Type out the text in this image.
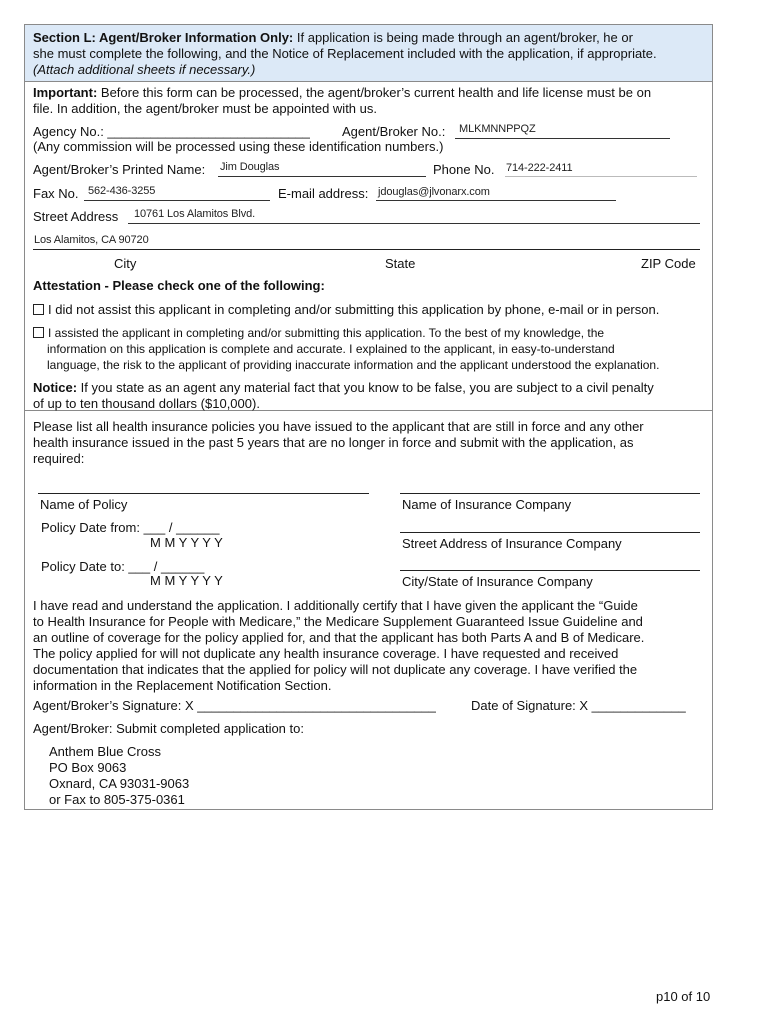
Section L: Agent/Broker Information Only: If application is being made through an agent/broker, he or
she must complete the following, and the Notice of Replacement included with the application, if appropriate.
(Attach additional sheets if necessary.)
Important: Before this form can be processed, the agent/broker’s current health and life license must be on
file. In addition, the agent/broker must be appointed with us.
Agency No.: ____________________________ Agent/Broker No.: MLKMNNPPQZ
(Any commission will be processed using these identification numbers.)
Agent/Broker’s Printed Name: Jim Douglas	Phone No. 714-222-2411
Fax No. 562-436-3255	E-mail address: jdouglas@jlvonarx.com
Street Address 10761 Los Alamitos Blvd.
Los Alamitos, CA 90720
City	State	ZIP Code
Attestation - Please check one of the following:
I did not assist this applicant in completing and/or submitting this application by phone, e-mail or in person.
I assisted the applicant in completing and/or submitting this application. To the best of my knowledge, the
information on this application is complete and accurate. I explained to the applicant, in easy-to-understand
language, the risk to the applicant of providing inaccurate information and the applicant understood the explanation.
Notice: If you state as an agent any material fact that you know to be false, you are subject to a civil penalty
of up to ten thousand dollars ($10,000).
Please list all health insurance policies you have issued to the applicant that are still in force and any other
health insurance issued in the past 5 years that are no longer in force and submit with the application, as
required:
Name of Policy	Name of Insurance Company
Policy Date from: ___ / ______
M M Y Y Y Y	Street Address of Insurance Company
Policy Date to: ___ / ______
M M Y Y Y Y	City/State of Insurance Company
I have read and understand the application. I additionally certify that I have given the applicant the “Guide
to Health Insurance for People with Medicare,” the Medicare Supplement Guaranteed Issue Guideline and
an outline of coverage for the policy applied for, and that the applicant has both Parts A and B of Medicare.
The policy applied for will not duplicate any health insurance coverage. I have requested and received
documentation that indicates that the applied for policy will not duplicate any coverage. I have verified the
information in the Replacement Notification Section.
Agent/Broker’s Signature: X _________________________________	Date of Signature: X _____________
Agent/Broker: Submit completed application to:
Anthem Blue Cross
PO Box 9063
Oxnard, CA 93031-9063
or Fax to 805-375-0361
p10 of 10
